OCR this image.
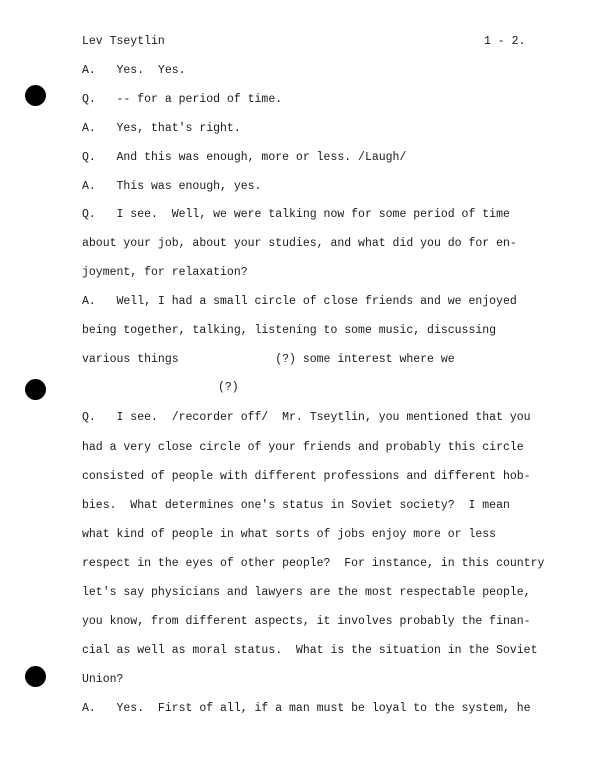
Lev Tseytlin	1 - 2.
A.   Yes.  Yes.
Q.   -- for a period of time.
A.   Yes, that's right.
Q.   And this was enough, more or less. /Laugh/
A.   This was enough, yes.
Q.   I see.  Well, we were talking now for some period of time
about your job, about your studies, and what did you do for en-
joyment, for relaxation?
A.   Well, I had a small circle of close friends and we enjoyed
being together, talking, listening to some music, discussing
various things              (?) some interest where we
(?)
Q.   I see.  /recorder off/  Mr. Tseytlin, you mentioned that you
had a very close circle of your friends and probably this circle
consisted of people with different professions and different hob-
bies.  What determines one's status in Soviet society?  I mean
what kind of people in what sorts of jobs enjoy more or less
respect in the eyes of other people?  For instance, in this country
let's say physicians and lawyers are the most respectable people,
you know, from different aspects, it involves probably the finan-
cial as well as moral status.  What is the situation in the Soviet
Union?
A.   Yes.  First of all, if a man must be loyal to the system, he
